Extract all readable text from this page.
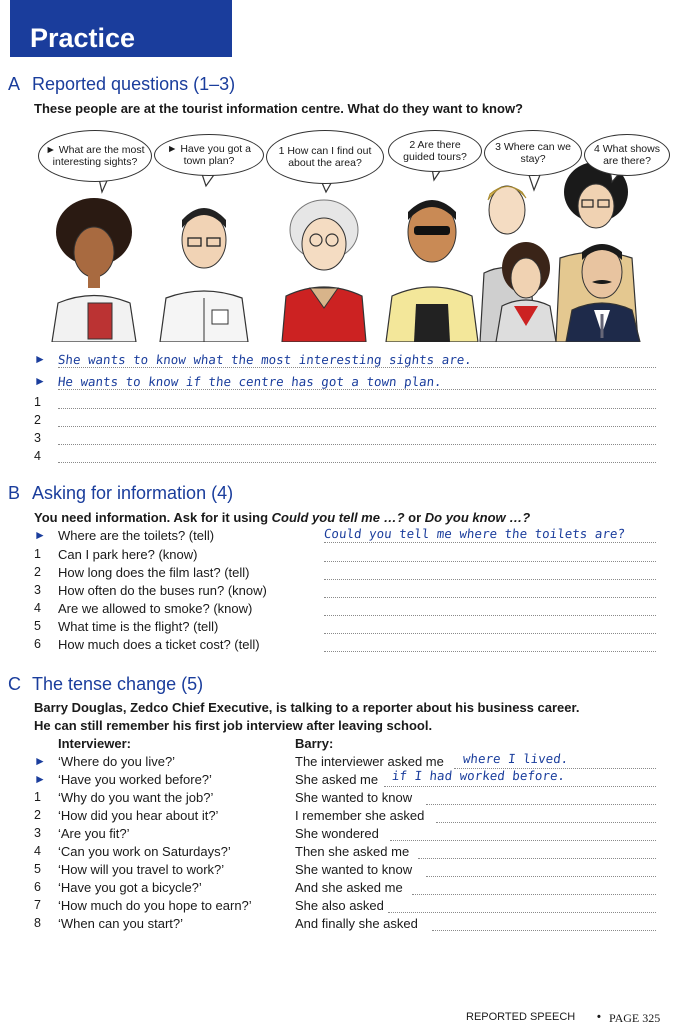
Practice
A Reported questions (1–3)
These people are at the tourist information centre. What do they want to know?
► What are the most interesting sights?
► Have you got a town plan?
1 How can I find out about the area?
2 Are there guided tours?
3 Where can we stay?
4 What shows are there?
► She wants to know what the most interesting sights are.
► He wants to know if the centre has got a town plan.
1
2
3
4
B Asking for information (4)
You need information. Ask for it using Could you tell me …? or Do you know …?
► Where are the toilets? (tell)	Could you tell me where the toilets are?
1	Can I park here? (know)
2	How long does the film last? (tell)
3	How often do the buses run? (know)
4	Are we allowed to smoke? (know)
5	What time is the flight? (tell)
6	How much does a ticket cost? (tell)
C The tense change (5)
Barry Douglas, Zedco Chief Executive, is talking to a reporter about his business career.
He can still remember his first job interview after leaving school.
Interviewer:	Barry:
► ‘Where do you live?’	The interviewer asked me where I lived.
► ‘Have you worked before?’	She asked me if I had worked before.
1	‘Why do you want the job?’	She wanted to know
2	‘How did you hear about it?’	I remember she asked
3	‘Are you fit?’	She wondered
4	‘Can you work on Saturdays?’	Then she asked me
5	‘How will you travel to work?’	She wanted to know
6	‘Have you got a bicycle?’	And she asked me
7	‘How much do you hope to earn?’	She also asked
8	‘When can you start?’	And finally she asked
REPORTED SPEECH • PAGE 325
